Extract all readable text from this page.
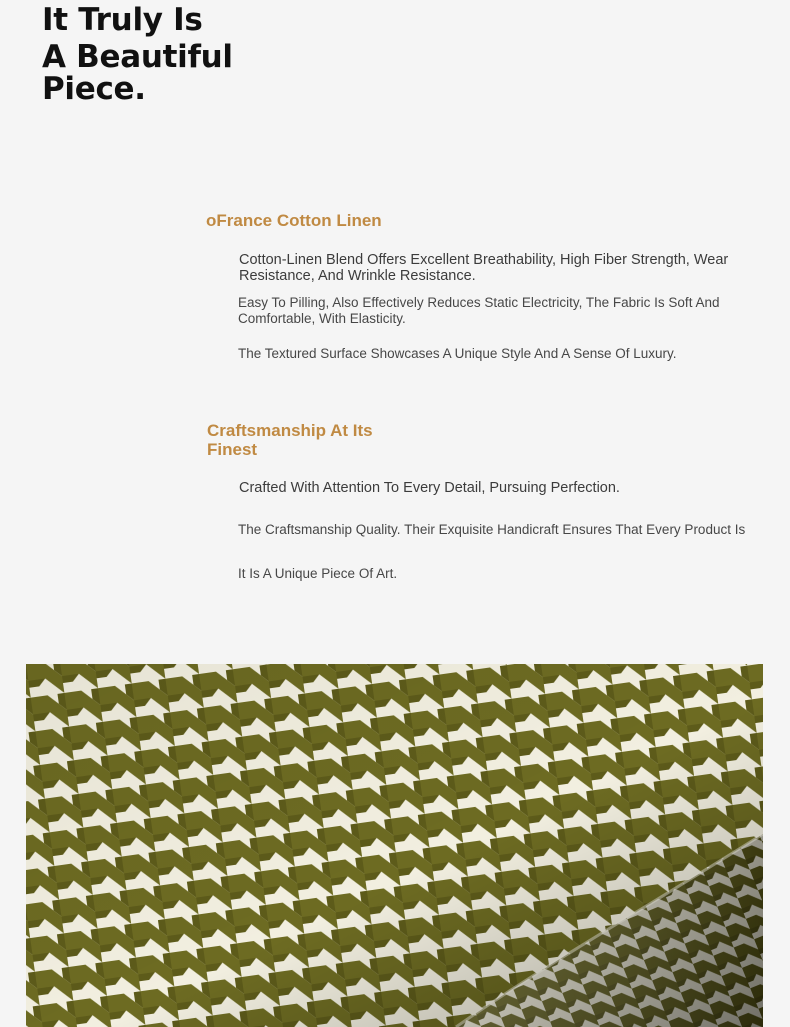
It Truly Is
A Beautiful
Piece.
oFrance Cotton Linen

Cotton-Linen Blend Offers Excellent Breathability, High Fiber Strength, Wear Resistance, And Wrinkle Resistance.

Easy To Pilling, Also Effectively Reduces Static Electricity, The Fabric Is Soft And Comfortable, With Elasticity.

The Textured Surface Showcases A Unique Style And A Sense Of Luxury.

Craftsmanship At Its Finest

Crafted With Attention To Every Detail, Pursuing Perfection.

The Craftsmanship Quality. Their Exquisite Handicraft Ensures That Every Product Is

It Is A Unique Piece Of Art.
